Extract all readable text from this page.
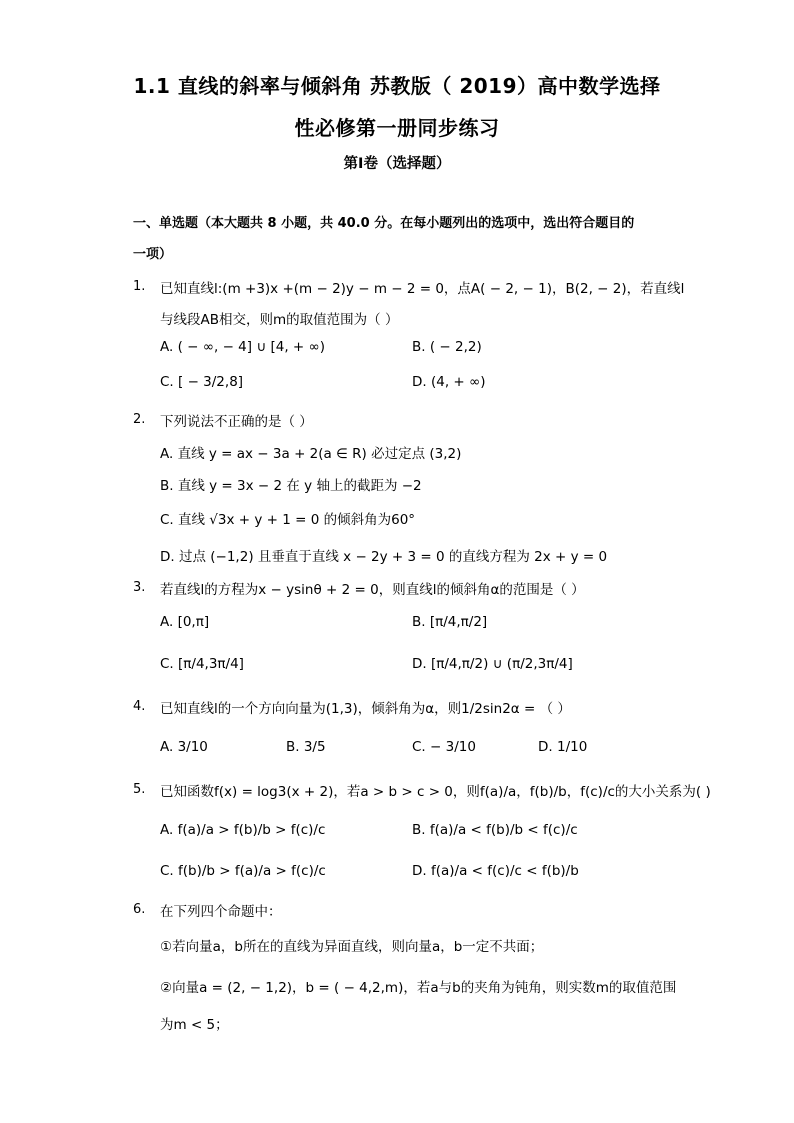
1.1 直线的斜率与倾斜角 苏教版（ 2019）高中数学选择
性必修第一册同步练习
第Ⅰ卷（选择题）
一、单选题（本大题共 8 小题，共 40.0 分。在每小题列出的选项中，选出符合题目的
一项）
1. 已知直线l:(m +3)x +(m − 2)y − m − 2 = 0，点A( − 2, − 1)，B(2, − 2)，若直线l
与线段AB相交，则m的取值范围为（ ）
A. ( − ∞, − 4] ∪ [4, + ∞)	B. ( − 2,2)
C. [ − 3/2,8]	D. (4, + ∞)
2. 下列说法不正确的是（ ）
A. 直线 y = ax − 3a + 2(a ∈ R) 必过定点 (3,2)
B. 直线 y = 3x − 2 在 y 轴上的截距为 −2
C. 直线 √3x + y + 1 = 0 的倾斜角为60°
D. 过点 (−1,2) 且垂直于直线 x − 2y + 3 = 0 的直线方程为 2x + y = 0
3. 若直线l的方程为x − ysinθ + 2 = 0，则直线l的倾斜角α的范围是（ ）
A. [0,π]	B. [π/4,π/2]
C. [π/4,3π/4]	D. [π/4,π/2) ∪ (π/2,3π/4]
4. 已知直线l的一个方向向量为(1,3)，倾斜角为α，则1/2sin2α = （ ）
A. 3/10	B. 3/5	C. − 3/10	D. 1/10
5. 已知函数f(x) = log3(x + 2)，若a > b > c > 0，则f(a)/a，f(b)/b，f(c)/c的大小关系为( )
A. f(a)/a > f(b)/b > f(c)/c	B. f(a)/a < f(b)/b < f(c)/c
C. f(b)/b > f(a)/a > f(c)/c	D. f(a)/a < f(c)/c < f(b)/b
6. 在下列四个命题中：
①若向量a，b所在的直线为异面直线，则向量a，b一定不共面；
②向量a = (2, − 1,2)，b = ( − 4,2,m)，若a与b的夹角为钝角，则实数m的取值范围
为m < 5；
